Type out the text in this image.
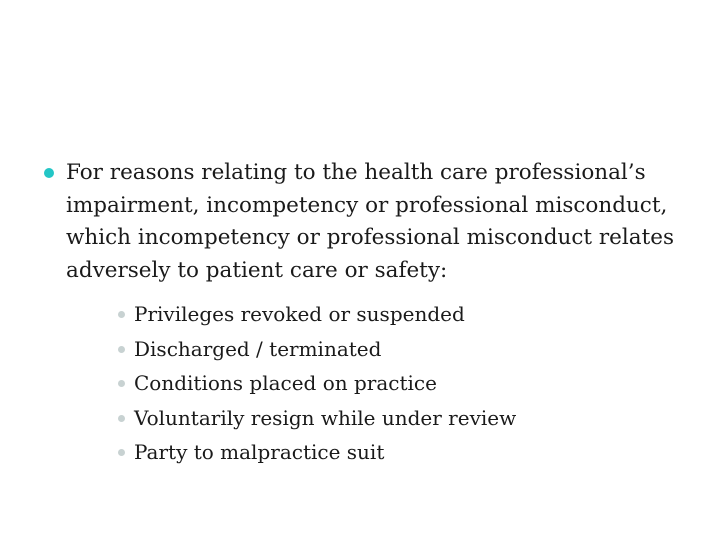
For reasons relating to the health care professional’s impairment, incompetency or professional misconduct, which incompetency or professional misconduct relates adversely to patient care or safety:
Privileges revoked or suspended
Discharged / terminated
Conditions placed on practice
Voluntarily resign while under review
Party to malpractice suit
